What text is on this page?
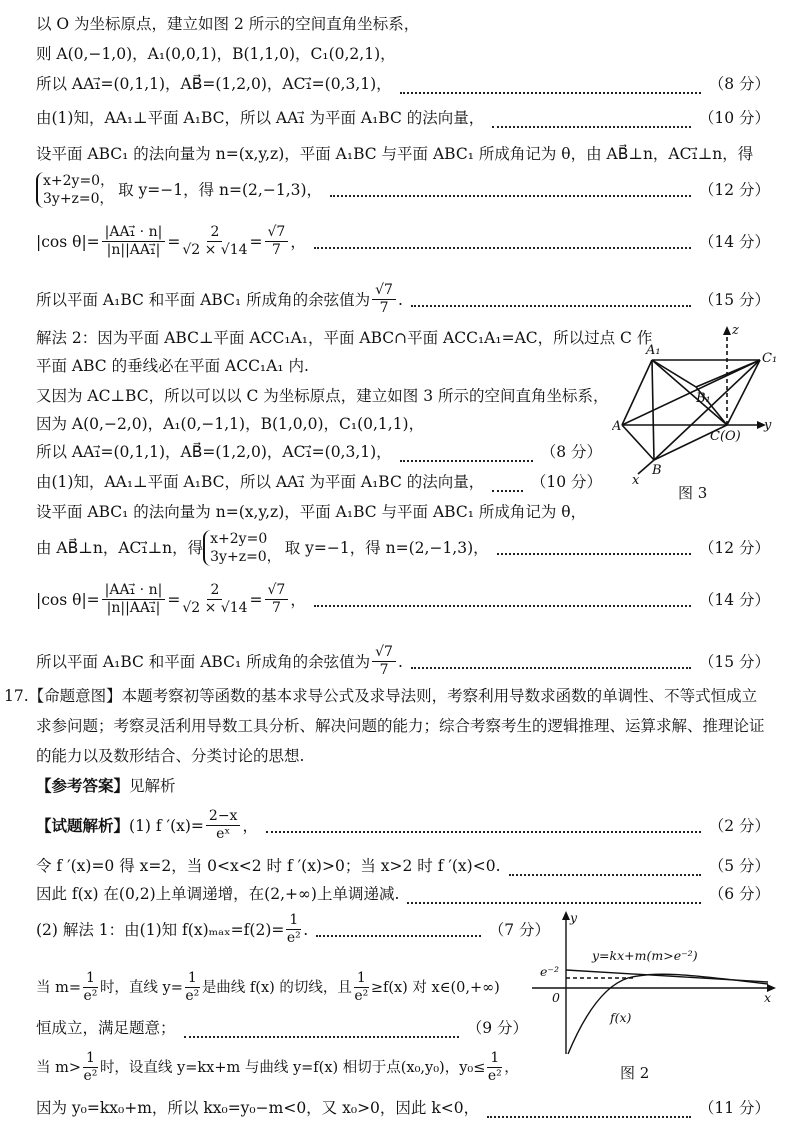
以 O 为坐标原点，建立如图 2 所示的空间直角坐标系，
则 A(0,−1,0)，A₁(0,0,1)，B(1,1,0)，C₁(0,2,1)，
所以 AA₁⃗=(0,1,1)，AB⃗=(1,2,0)，AC₁⃗=(0,3,1)，	（8 分）
由(1)知，AA₁⊥平面 A₁BC，所以 AA₁⃗ 为平面 A₁BC 的法向量，	（10 分）
设平面 ABC₁ 的法向量为 n=(x,y,z)，平面 A₁BC 与平面 ABC₁ 所成角记为 θ，由 AB⃗⊥n，AC₁⃗⊥n，得
x+2y=0，
3y+z=0， 取 y=−1，得 n=(2,−1,3)，	（12 分）
|cos $\theta|= \frac{\text{|AA₁⃗ · n|}}{\text{|n||AA₁⃗|}} = \frac{2}{√2 \times √14} = \frac{√7}{7}$ ，	（14 分）
所以平面 A₁BC 和平面 ABC₁ 所成角的余弦值为 $\frac{√7}{7}$ .	（15 分）
解法 2：因为平面 ABC⊥平面 ACC₁A₁，平面 ABC∩平面 ACC₁A₁=AC，所以过点 C 作
平面 ABC 的垂线必在平面 ACC₁A₁ 内.
又因为 AC⊥BC，所以可以以 C 为坐标原点，建立如图 3 所示的空间直角坐标系，
因为 A(0,−2,0)，A₁(0,−1,1)，B(1,0,0)，C₁(0,1,1)，
所以 AA₁⃗=(0,1,1)，AB⃗=(1,2,0)，AC₁⃗=(0,3,1)，	（8 分）
由(1)知，AA₁⊥平面 A₁BC，所以 AA₁⃗ 为平面 A₁BC 的法向量，	（10 分）
设平面 ABC₁ 的法向量为 n=(x,y,z)，平面 A₁BC 与平面 ABC₁ 所成角记为 θ，
由 AB⃗⊥n，AC₁⃗⊥n，得 x+2y=0
3y+z=0， 取 y=−1，得 n=(2,−1,3)，	（12 分）
|cos $\theta|= \frac{\text{|AA₁⃗ · n|}}{\text{|n||AA₁⃗|}} = \frac{2}{√2 \times √14} = \frac{√7}{7}$ ，	（14 分）
所以平面 A₁BC 和平面 ABC₁ 所成角的余弦值为 $\frac{√7}{7}$ .	（15 分）
A₁
C₁
z
B₁
A
C(O)
y
B
x
图 3
17.【命题意图】本题考察初等函数的基本求导公式及求导法则，考察利用导数求函数的单调性、不等式恒成立
求参问题；考察灵活利用导数工具分析、解决问题的能力；综合考察考生的逻辑推理、运算求解、推理论证
的能力以及数形结合、分类讨论的思想.
【参考答案】见解析
【试题解析】 (1) f $'(x)= \frac{2-x}{\text{eˣ}}$ ，	（2 分）
令 f ′(x)=0 得 x=2，当 0<x<2 时 f ′(x)>0；当 x>2 时 f ′(x)<0.	（5 分）
因此 f(x) 在(0,2)上单调递增，在(2,+∞)上单调递减.	（6 分）
(2) 解法 1：由(1)知 $f(x)_{max}=f(2)= \frac{1}{\text{e²}}$ .	（7 分）
当 $m= \frac{1}{\text{e²}}$ 时，直线 $y= \frac{1}{\text{e²}}$ 是曲线 f(x) 的切线，且 $\frac{1}{\text{e²}} \ge f(x)$ 对 x∈(0,+∞)
恒成立，满足题意；	（9 分）
当 $m> \frac{1}{\text{e²}}$ 时，设直线 y=kx+m 与曲线 y=f(x) 相切于点(x₀,y₀)，$y_0\le \frac{1}{\text{e²}}$ ，
因为 y₀=kx₀+m，所以 kx₀=y₀−m<0，又 x₀>0，因此 k<0，	（11 分）
y
y=kx+m(m>e⁻²)
e⁻²
0	x
f(x)
图 2
